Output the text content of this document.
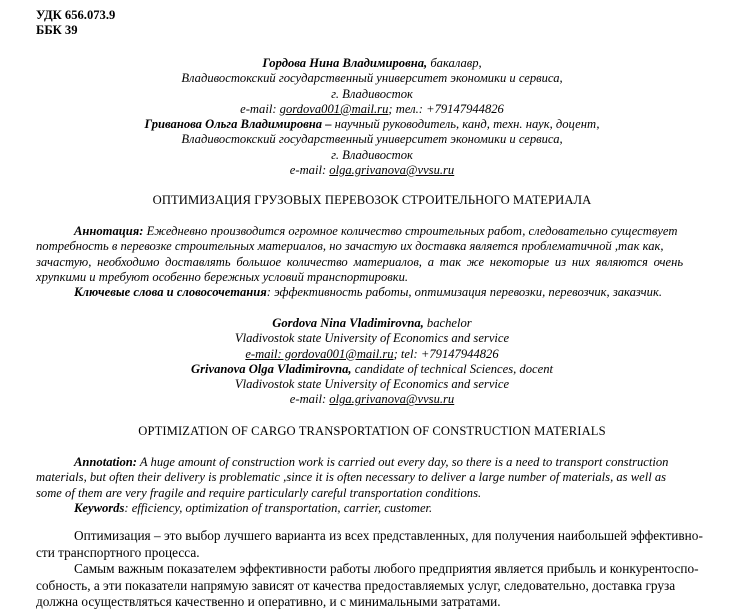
УДК 656.073.9
ББК 39
Гордова Нина Владимировна, бакалавр,
Владивостокский государственный университет экономики и сервиса,
г. Владивосток
e-mail: gordova001@mail.ru; тел.: +79147944826
Гриванова Ольга Владимировна – научный руководитель, канд, техн. наук, доцент,
Владивостокский государственный университет экономики и сервиса,
г. Владивосток
e-mail: olga.grivanova@vvsu.ru
ОПТИМИЗАЦИЯ ГРУЗОВЫХ ПЕРЕВОЗОК СТРОИТЕЛЬНОГО МАТЕРИАЛА
Аннотация: Ежедневно производится огромное количество строительных работ, следовательно существует
потребность в перевозке строительных материалов, но зачастую их доставка является проблематичной ,так как,
зачастую, необходимо доставлять большое количество материалов, а так же некоторые из них являются очень
хрупкими и требуют особенно бережных условий транспортировки.
Ключевые слова и словосочетания: эффективность работы, оптимизация перевозки, перевозчик, заказчик.
Gordova Nina Vladimirovna, bachelor
Vladivostok state University of Economics and service
e-mail: gordova001@mail.ru; tel: +79147944826
Grivanova Olga Vladimirovna, candidate of technical Sciences, docent
Vladivostok state University of Economics and service
e-mail: olga.grivanova@vvsu.ru
OPTIMIZATION OF CARGO TRANSPORTATION OF CONSTRUCTION MATERIALS
Annotation: A huge amount of construction work is carried out every day, so there is a need to transport construction
materials, but often their delivery is problematic ,since it is often necessary to deliver a large number of materials, as well as
some of them are very fragile and require particularly careful transportation conditions.
Keywords: efficiency, optimization of transportation, carrier, customer.
Оптимизация – это выбор лучшего варианта из всех представленных, для получения наибольшей эффективно-
сти транспортного процесса.
Самым важным показателем эффективности работы любого предприятия является прибыль и конкурентоспо-
собность, а эти показатели напрямую зависят от качества предоставляемых услуг, следовательно, доставка груза
должна осуществляться качественно и оперативно, и с минимальными затратами.
